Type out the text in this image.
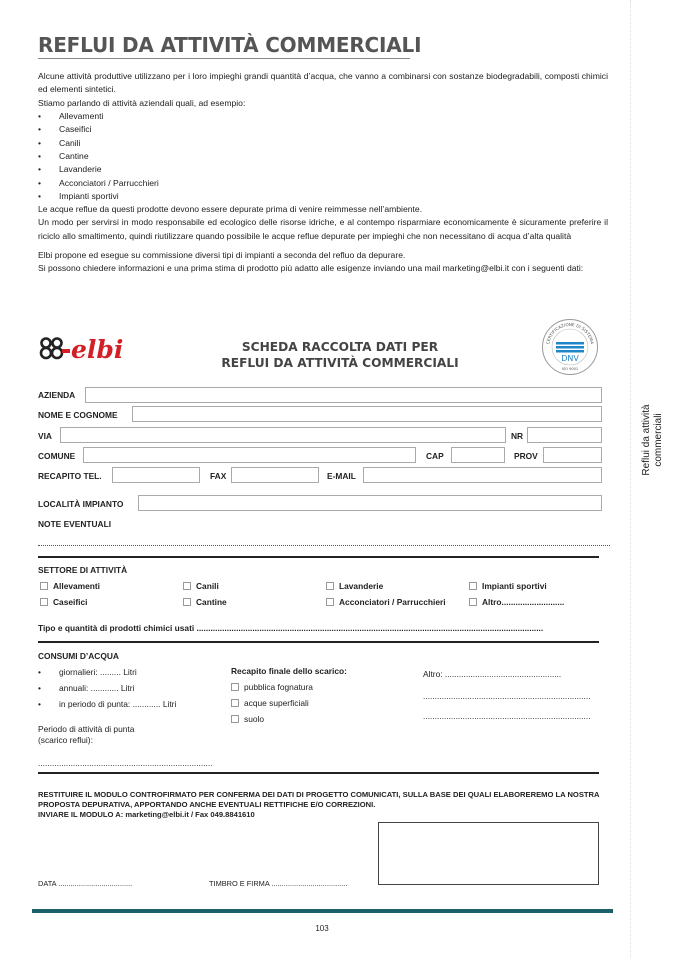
REFLUI DA ATTIVITÀ COMMERCIALI

Alcune attività produttive utilizzano per i loro impieghi grandi quantità d’acqua, che vanno a combinarsi con sostanze biodegradabili, composti chimici ed elementi sintetici.

Stiamo parlando di attività aziendali quali, ad esempio:

• Allevamenti
• Caseifici
• Canili
• Cantine
• Lavanderie
• Acconciatori / Parrucchieri
• Impianti sportivi

Le acque reflue da questi prodotte devono essere depurate prima di venire reimmesse nell’ambiente.

Un modo per servirsi in modo responsabile ed ecologico delle risorse idriche, e al contempo risparmiare economicamente è sicuramente preferire il riciclo allo smaltimento, quindi riutilizzare quando possibile le acque reflue depurate per impieghi che non necessitano di acqua d’alta qualità

Elbi propone ed esegue su commissione diversi tipi di impianti a seconda del refluo da depurare.

Si possono chiedere informazioni e una prima stima di prodotto più adatto alle esigenze inviando una mail marketing@elbi.it con i seguenti dati:

elbi	SCHEDA RACCOLTA DATI PER
REFLUI DA ATTIVITÀ COMMERCIALI
CERTIFICAZIONE DI SISTEMA
DNV
ISO 9001
AZIENDA
NOME E COGNOME
VIA	NR
COMUNE	CAP	PROV
RECAPITO TEL.	FAX	E-MAIL
LOCALITÀ IMPIANTO
NOTE EVENTUALI
SETTORE DI ATTIVITÀ
Allevamenti	Canili	Lavanderie	Impianti sportivi
Caseifici	Cantine	Acconciatori / Parrucchieri	Altro...........................
Tipo e quantità di prodotti chimici usati .....................................................................................................................................................
CONSUMI D’ACQUA
• giornalieri: ......... Litri
• annuali: ............ Litri
• in periodo di punta: ............ Litri
Periodo di attività di punta
(scarico reflui):
...........................................................................
Recapito finale dello scarico:
pubblica fognatura
acque superficiali
suolo
Altro: ..................................................
........................................................................
........................................................................
RESTITUIRE IL MODULO CONTROFIRMATO PER CONFERMA DEI DATI DI PROGETTO COMUNICATI, SULLA BASE DEI QUALI ELABOREREMO LA NOSTRA PROPOSTA DEPURATIVA, APPORTANDO ANCHE EVENTUALI RETTIFICHE E/O CORREZIONI.
INVIARE IL MODULO A: marketing@elbi.it / Fax 049.8841610
DATA ....................................	TIMBRO E FIRMA .....................................
103
Reflui da attività commerciali
